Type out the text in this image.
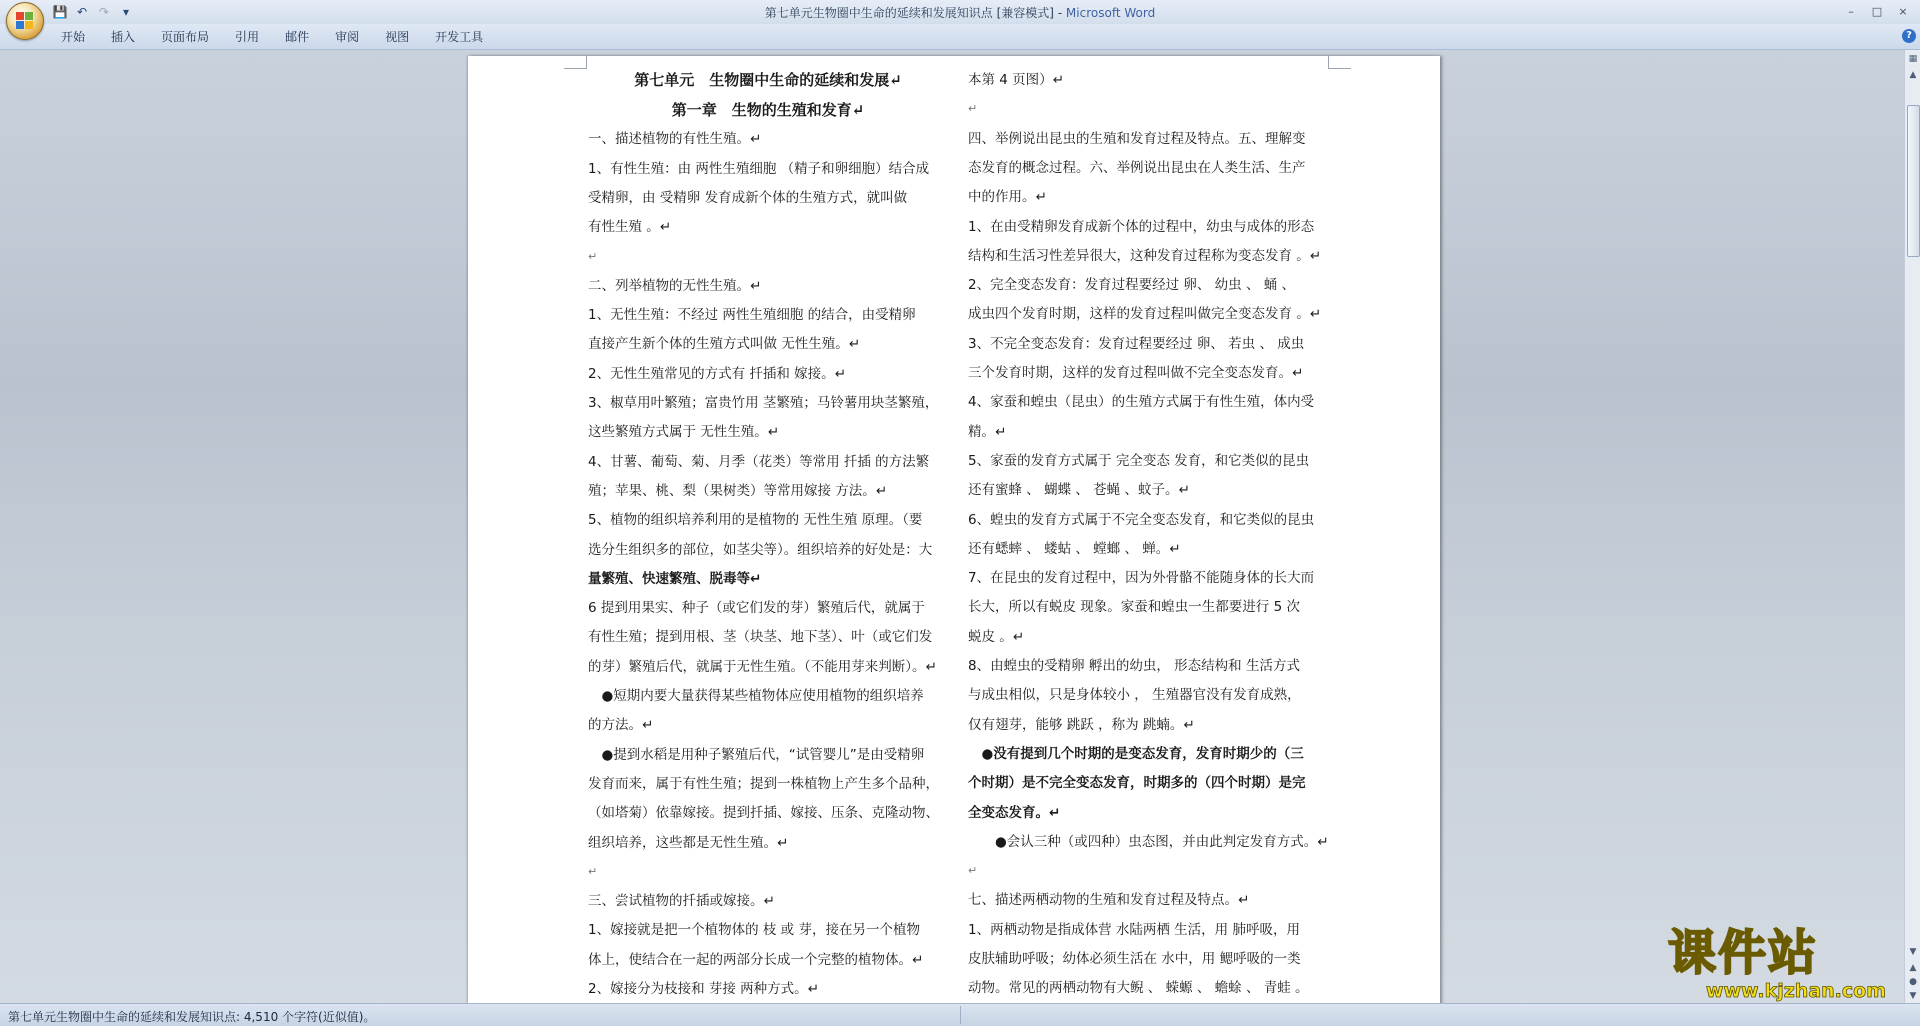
💾 ↶ ↷	▾	第七单元生物圈中生命的延续和发展知识点 [兼容模式] - Microsoft Word	–	□	×
开始	插入	页面布局	引用	邮件	审阅	视图	开发工具	?
第七单元　生物圈中生命的延续和发展↵
第一章　生物的生殖和发育↵
一、描述植物的有性生殖。↵
1、有性生殖：由 两性生殖细胞 （精子和卵细胞）结合成
受精卵，由 受精卵 发育成新个体的生殖方式，就叫做
有性生殖 。↵
↵
二、列举植物的无性生殖。↵
1、无性生殖：不经过 两性生殖细胞 的结合，由受精卵
直接产生新个体的生殖方式叫做 无性生殖。↵
2、无性生殖常见的方式有 扦插和 嫁接。↵
3、椒草用叶繁殖；富贵竹用 茎繁殖；马铃薯用块茎繁殖，
这些繁殖方式属于 无性生殖。↵
4、甘薯、葡萄、菊、月季（花类）等常用 扦插 的方法繁
殖；苹果、桃、梨（果树类）等常用嫁接 方法。↵
5、植物的组织培养利用的是植物的 无性生殖 原理。（要
选分生组织多的部位，如茎尖等）。组织培养的好处是：大
量繁殖、快速繁殖、脱毒等↵
6 提到用果实、种子（或它们发的芽）繁殖后代，就属于
有性生殖；提到用根、茎（块茎、地下茎）、叶（或它们发
的芽）繁殖后代，就属于无性生殖。（不能用芽来判断）。↵
　●短期内要大量获得某些植物体应使用植物的组织培养
的方法。↵
　●提到水稻是用种子繁殖后代，“试管婴儿”是由受精卵
发育而来，属于有性生殖；提到一株植物上产生多个品种，
（如塔菊）依靠嫁接。提到扦插、嫁接、压条、克隆动物、
组织培养，这些都是无性生殖。↵
↵
三、尝试植物的扦插或嫁接。↵
1、嫁接就是把一个植物体的 枝 或 芽，接在另一个植物
体上，使结合在一起的两部分长成一个完整的植物体。↵
2、嫁接分为枝接和 芽接 两种方式。↵
本第 4 页图）↵
↵
四、举例说出昆虫的生殖和发育过程及特点。五、理解变
态发育的概念过程。六、举例说出昆虫在人类生活、生产
中的作用。↵
1、在由受精卵发育成新个体的过程中，幼虫与成体的形态
结构和生活习性差异很大，这种发育过程称为变态发育 。↵
2、完全变态发育：发育过程要经过 卵、 幼虫 、 蛹 、
成虫四个发育时期，这样的发育过程叫做完全变态发育 。↵
3、不完全变态发育：发育过程要经过 卵、 若虫 、 成虫
三个发育时期，这样的发育过程叫做不完全变态发育。↵
4、家蚕和蝗虫（昆虫）的生殖方式属于有性生殖，体内受
精。↵
5、家蚕的发育方式属于 完全变态 发育，和它类似的昆虫
还有蜜蜂 、 蝴蝶 、 苍蝇 、蚊子。↵
6、蝗虫的发育方式属于不完全变态发育，和它类似的昆虫
还有蟋蟀 、 蝼蛄 、 螳螂 、 蝉。↵
7、在昆虫的发育过程中，因为外骨骼不能随身体的长大而
长大，所以有蜕皮 现象。家蚕和蝗虫一生都要进行 5 次
蜕皮 。↵
8、由蝗虫的受精卵 孵出的幼虫， 形态结构和 生活方式
与成虫相似，只是身体较小 ， 生殖器官没有发育成熟，
仅有翅芽，能够 跳跃 ，称为 跳蝻。↵
　●没有提到几个时期的是变态发育，发育时期少的（三
个时期）是不完全变态发育，时期多的（四个时期）是完
全变态发育。↵
　　●会认三种（或四种）虫态图，并由此判定发育方式。↵
↵
七、描述两栖动物的生殖和发育过程及特点。↵
1、两栖动物是指成体营 水陆两栖 生活，用 肺呼吸，用
皮肤辅助呼吸；幼体必须生活在 水中，用 鳃呼吸的一类
动物。常见的两栖动物有大鲵 、 蝾螈 、 蟾蜍 、 青蛙 。
▦
▲
▼
▲
●
▼
课件站
www.kjzhan.com
第七单元生物圈中生命的延续和发展知识点: 4,510 个字符(近似值)。
